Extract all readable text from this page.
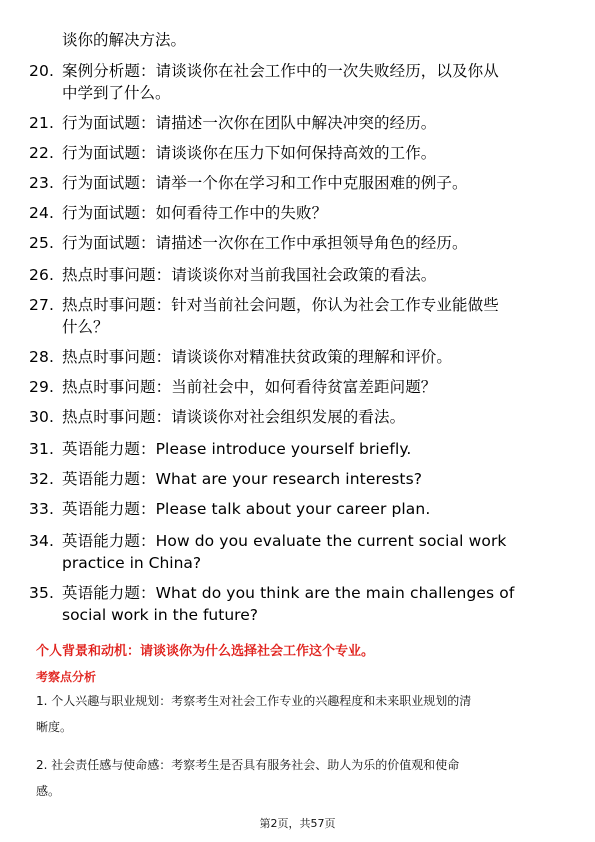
谈你的解决方法。
20. 案例分析题：请谈谈你在社会工作中的一次失败经历，以及你从
中学到了什么。
21. 行为面试题：请描述一次你在团队中解决冲突的经历。
22. 行为面试题：请谈谈你在压力下如何保持高效的工作。
23. 行为面试题：请举一个你在学习和工作中克服困难的例子。
24. 行为面试题：如何看待工作中的失败？
25. 行为面试题：请描述一次你在工作中承担领导角色的经历。
26. 热点时事问题：请谈谈你对当前我国社会政策的看法。
27. 热点时事问题：针对当前社会问题，你认为社会工作专业能做些
什么？
28. 热点时事问题：请谈谈你对精准扶贫政策的理解和评价。
29. 热点时事问题：当前社会中，如何看待贫富差距问题？
30. 热点时事问题：请谈谈你对社会组织发展的看法。
31. 英语能力题：Please introduce yourself briefly.
32. 英语能力题：What are your research interests?
33. 英语能力题：Please talk about your career plan.
34. 英语能力题：How do you evaluate the current social work
practice in China?
35. 英语能力题：What do you think are the main challenges of
social work in the future?
个人背景和动机：请谈谈你为什么选择社会工作这个专业。
考察点分析
1. 个人兴趣与职业规划：考察考生对社会工作专业的兴趣程度和未来职业规划的清
晰度。
2. 社会责任感与使命感：考察考生是否具有服务社会、助人为乐的价值观和使命
感。
第2页，共57页
